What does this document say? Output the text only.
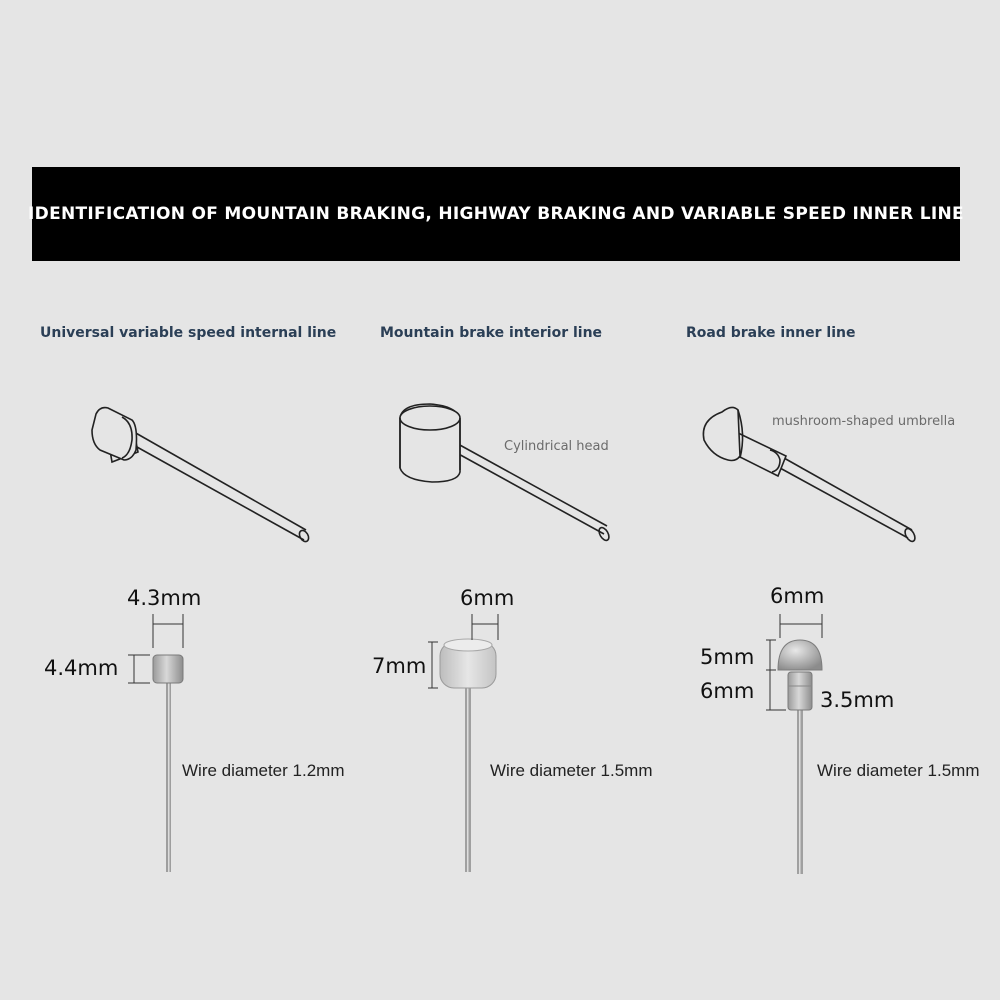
IDENTIFICATION OF MOUNTAIN BRAKING, HIGHWAY BRAKING AND VARIABLE SPEED INNER LINE
Universal variable speed internal line	Mountain brake interior line	Road brake inner line
Cylindrical head
mushroom-shaped umbrella
4.3mm
4.4mm
6mm
7mm
6mm
5mm
6mm	3.5mm
Wire diameter 1.2mm	Wire diameter 1.5mm	Wire diameter 1.5mm
